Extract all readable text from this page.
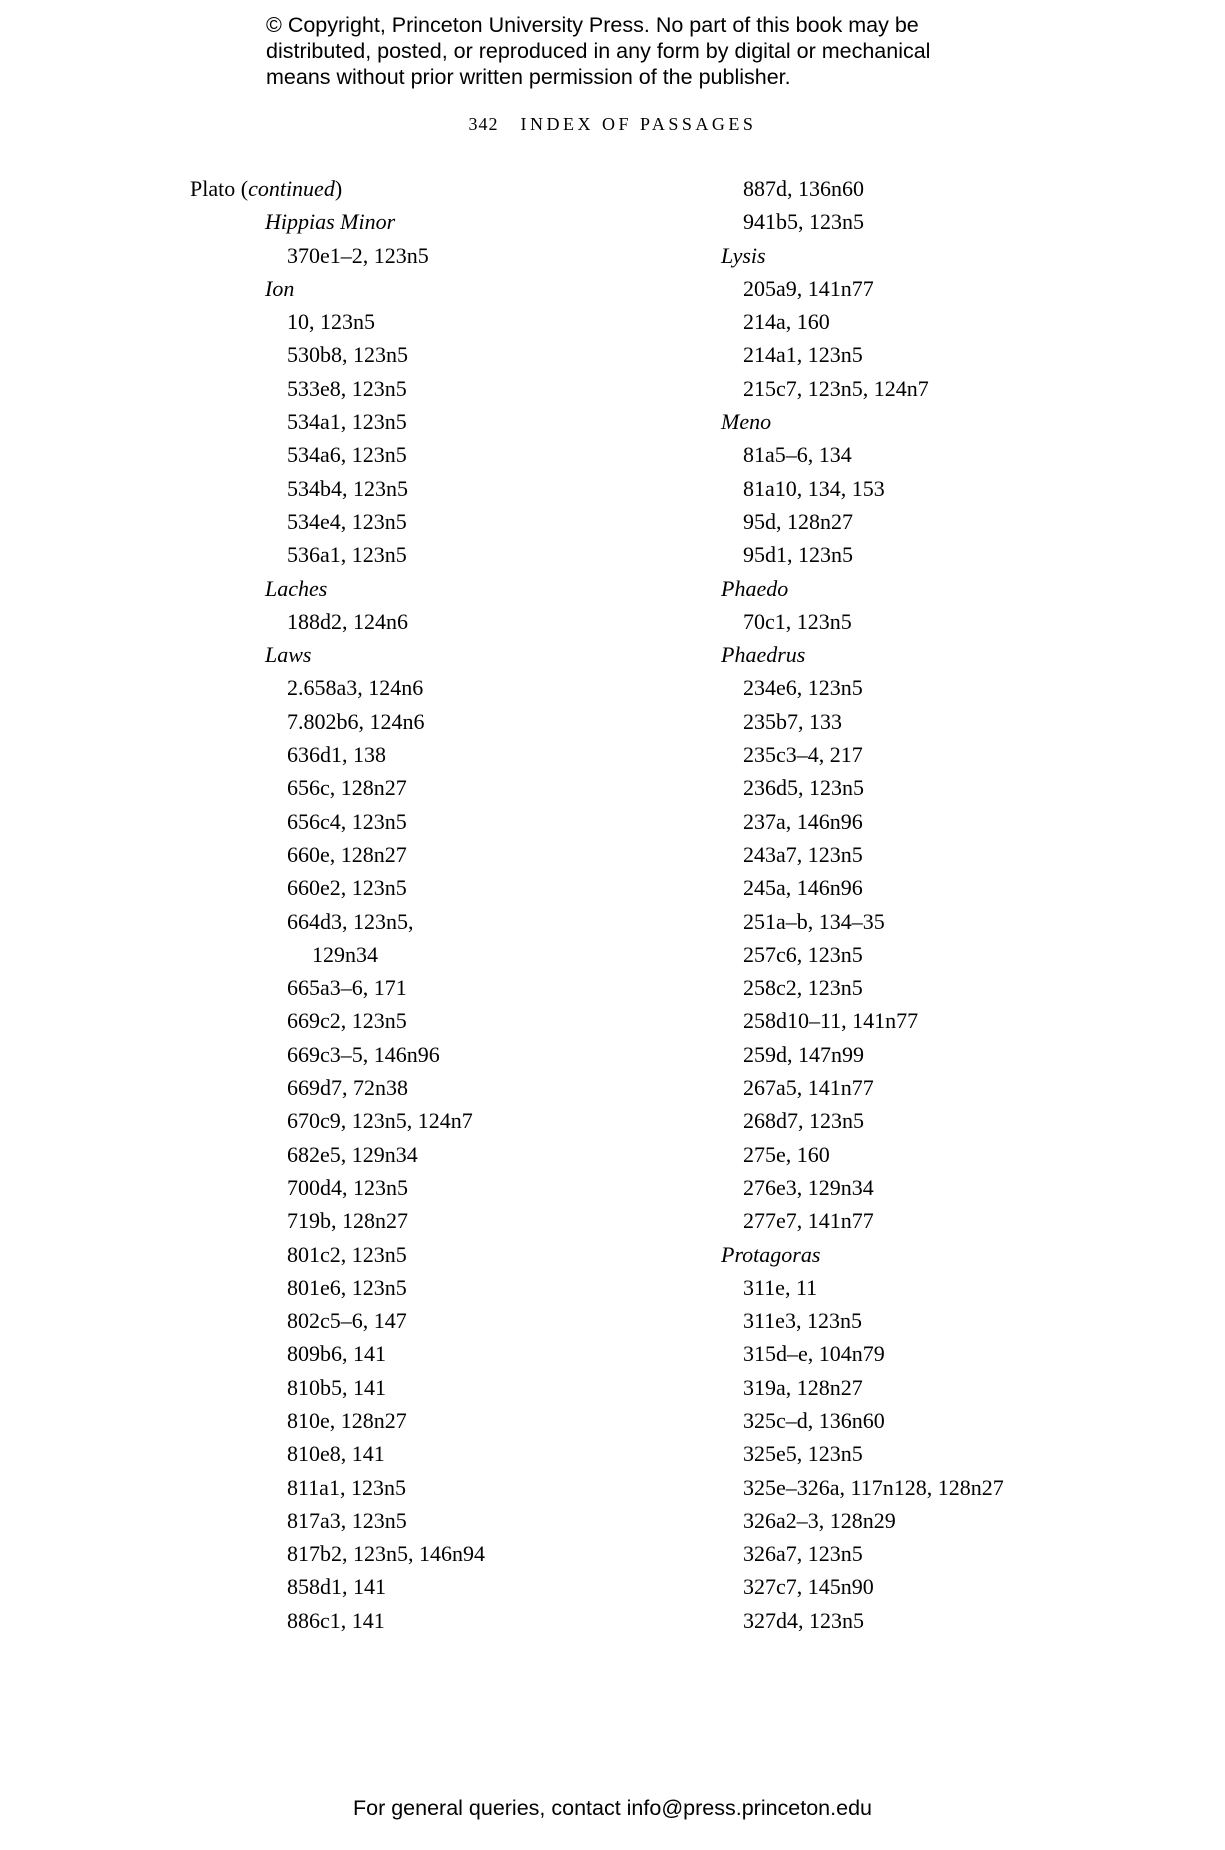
© Copyright, Princeton University Press. No part of this book may be
distributed, posted, or reproduced in any form by digital or mechanical
means without prior written permission of the publisher.
342 INDEX OF PASSAGES
Plato (continued)
Hippias Minor
370e1–2, 123n5
Ion
10, 123n5
530b8, 123n5
533e8, 123n5
534a1, 123n5
534a6, 123n5
534b4, 123n5
534e4, 123n5
536a1, 123n5
Laches
188d2, 124n6
Laws
2.658a3, 124n6
7.802b6, 124n6
636d1, 138
656c, 128n27
656c4, 123n5
660e, 128n27
660e2, 123n5
664d3, 123n5,
129n34
665a3–6, 171
669c2, 123n5
669c3–5, 146n96
669d7, 72n38
670c9, 123n5, 124n7
682e5, 129n34
700d4, 123n5
719b, 128n27
801c2, 123n5
801e6, 123n5
802c5–6, 147
809b6, 141
810b5, 141
810e, 128n27
810e8, 141
811a1, 123n5
817a3, 123n5
817b2, 123n5, 146n94
858d1, 141
886c1, 141
887d, 136n60
941b5, 123n5
Lysis
205a9, 141n77
214a, 160
214a1, 123n5
215c7, 123n5, 124n7
Meno
81a5–6, 134
81a10, 134, 153
95d, 128n27
95d1, 123n5
Phaedo
70c1, 123n5
Phaedrus
234e6, 123n5
235b7, 133
235c3–4, 217
236d5, 123n5
237a, 146n96
243a7, 123n5
245a, 146n96
251a–b, 134–35
257c6, 123n5
258c2, 123n5
258d10–11, 141n77
259d, 147n99
267a5, 141n77
268d7, 123n5
275e, 160
276e3, 129n34
277e7, 141n77
Protagoras
311e, 11
311e3, 123n5
315d–e, 104n79
319a, 128n27
325c–d, 136n60
325e5, 123n5
325e–326a, 117n128, 128n27
326a2–3, 128n29
326a7, 123n5
327c7, 145n90
327d4, 123n5
For general queries, contact info@press.princeton.edu
